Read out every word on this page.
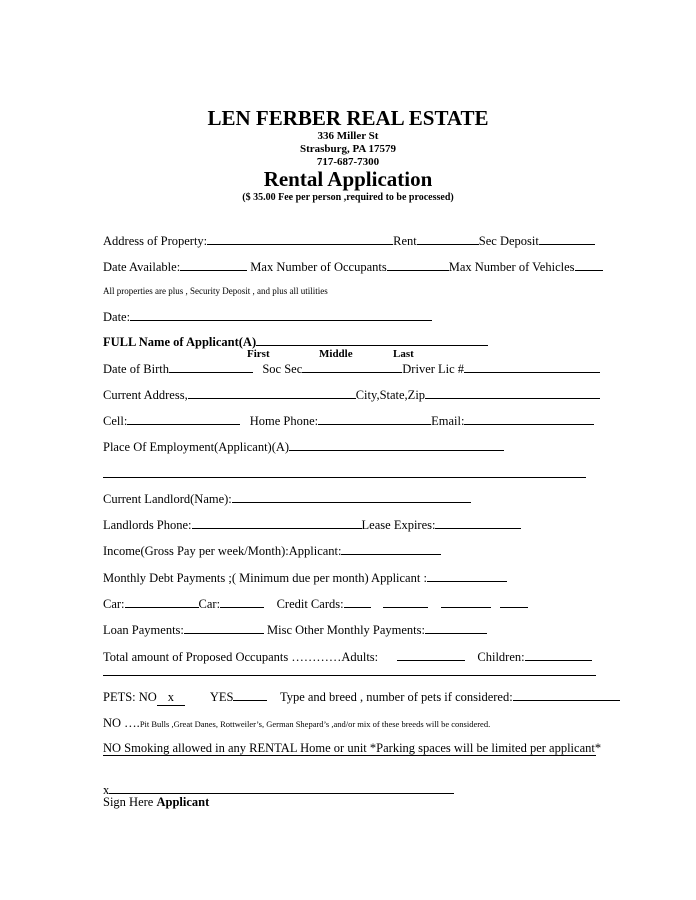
LEN FERBER REAL ESTATE
336 Miller St
Strasburg, PA 17579
717-687-7300
Rental Application
($ 35.00 Fee per person ,required to be processed)
Address of Property:	Rent	Sec Deposit
Date Available:	Max Number of Occupants	Max Number of Vehicles
All properties are plus , Security Deposit , and plus all utilities
Date:
FULL Name of Applicant(A)
First	Middle	Last
Date of Birth	Soc Sec	Driver Lic #
Current Address,	City,State,Zip
Cell:	Home Phone:	Email:
Place Of Employment(Applicant)(A)
Current Landlord(Name):
Landlords Phone:	Lease Expires:
Income(Gross Pay per week/Month):Applicant:
Monthly Debt Payments ;( Minimum due per month) Applicant :
Car:	Car:	Credit Cards:
Loan Payments:	Misc Other Monthly Payments:
Total amount of Proposed Occupants …………Adults:	Children:
PETS: NO x	YES	Type and breed , number of pets if considered:
NO ….Pit Bulls ,Great Danes, Rottweiler’s, German Shepard’s ,and/or mix of these breeds will be considered.
NO Smoking allowed in any RENTAL Home or unit *Parking spaces will be limited per applicant*
x
Sign Here Applicant
